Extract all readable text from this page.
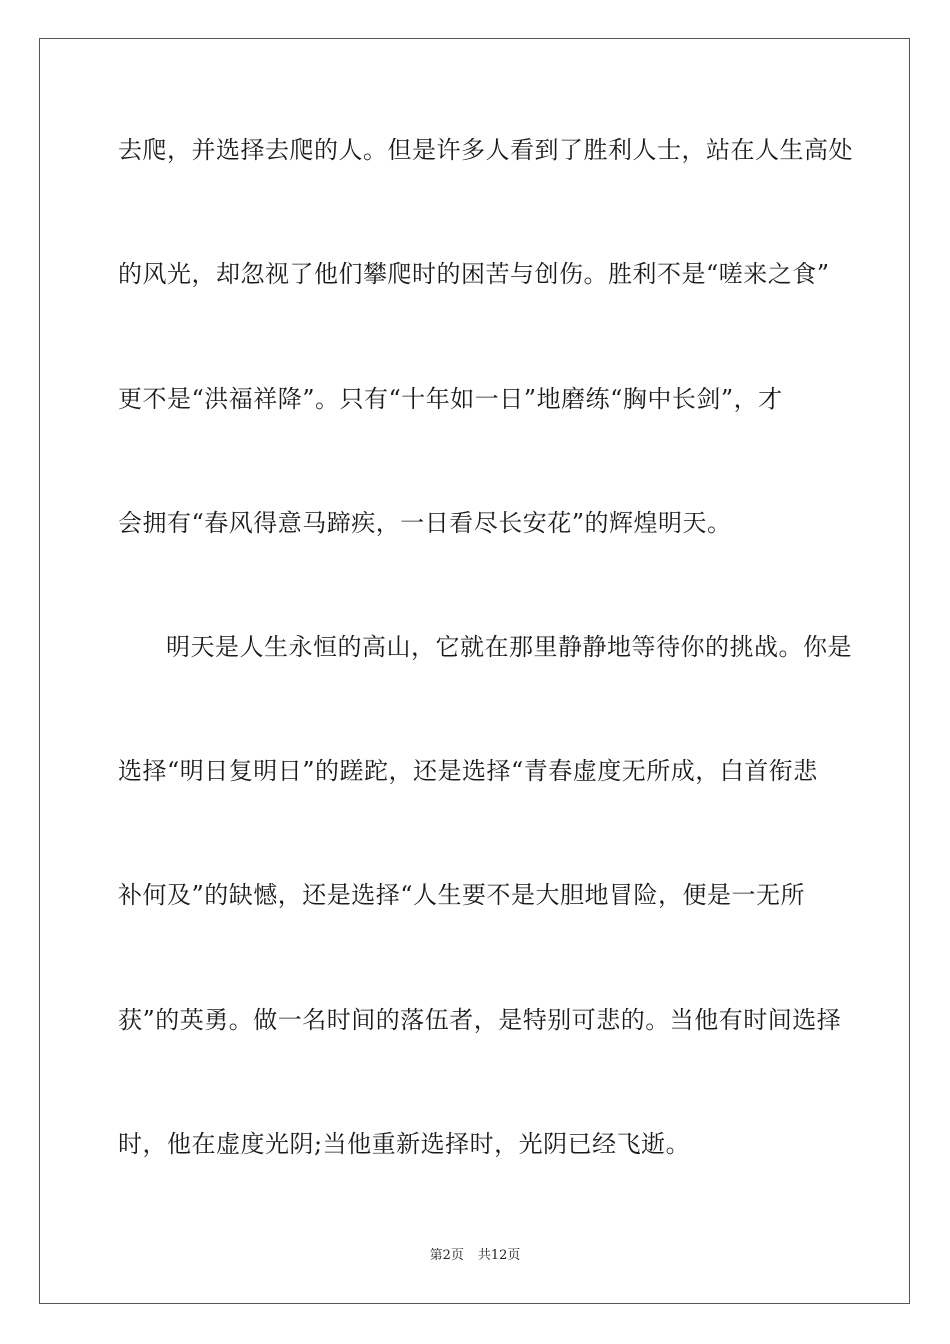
去爬，并选择去爬的人。但是许多人看到了胜利人士，站在人生高处
的风光，却忽视了他们攀爬时的困苦与创伤。胜利不是“嗟来之食”
更不是“洪福祥降”。只有“十年如一日”地磨练“胸中长剑”，才
会拥有“春风得意马蹄疾，一日看尽长安花”的辉煌明天。
明天是人生永恒的高山，它就在那里静静地等待你的挑战。你是
选择“明日复明日”的蹉跎，还是选择“青春虚度无所成，白首衔悲
补何及”的缺憾，还是选择“人生要不是大胆地冒险，便是一无所
获”的英勇。做一名时间的落伍者，是特别可悲的。当他有时间选择
时，他在虚度光阴;当他重新选择时，光阴已经飞逝。
第2页 共12页
